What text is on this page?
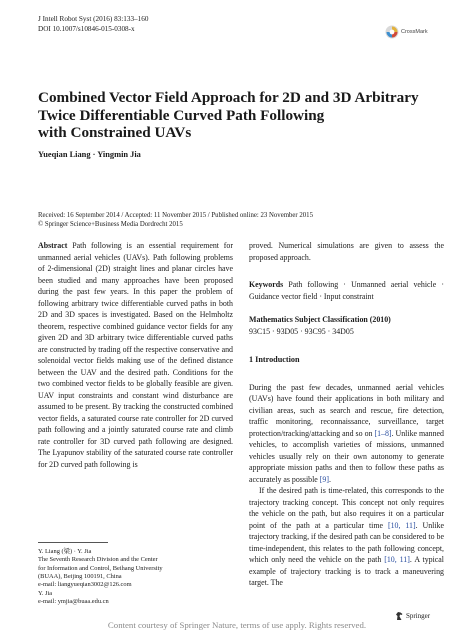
J Intell Robot Syst (2016) 83:133–160
DOI 10.1007/s10846-015-0308-x	CrossMark
Combined Vector Field Approach for 2D and 3D Arbitrary
Twice Differentiable Curved Path Following
with Constrained UAVs
Yueqian Liang · Yingmin Jia
Received: 16 September 2014 / Accepted: 11 November 2015 / Published online: 23 November 2015
© Springer Science+Business Media Dordrecht 2015
Abstract Path following is an essential requirement for unmanned aerial vehicles (UAVs). Path following problems of 2-dimensional (2D) straight lines and planar circles have been studied and many approaches have been proposed during the past few years. In this paper the problem of following arbitrary twice differentiable curved paths in both 2D and 3D spaces is investigated. Based on the Helmholtz theorem, respective combined guidance vector fields for any given 2D and 3D arbitrary twice differentiable curved paths are constructed by trading off the respective conservative and solenoidal vector fields making use of the defined distance between the UAV and the desired path. Conditions for the two combined vector fields to be globally feasible are given. UAV input constraints and constant wind disturbance are assumed to be present. By tracking the constructed combined vector fields, a saturated course rate controller for 2D curved path following and a jointly saturated course rate and climb rate controller for 3D curved path following are designed. The Lyapunov stability of the saturated course rate controller for 2D curved path following is
proved. Numerical simulations are given to assess the proposed approach.
Keywords Path following · Unmanned aerial vehicle · Guidance vector field · Input constraint
Mathematics Subject Classification (2010)
93C15 · 93D05 · 93C95 · 34D05
1 Introduction
During the past few decades, unmanned aerial vehicles (UAVs) have found their applications in both military and civilian areas, such as search and rescue, fire detection, traffic monitoring, reconnaissance, surveillance, target protection/tracking/attacking and so on [1–8]. Unlike manned vehicles, to accomplish varieties of missions, unmanned vehicles usually rely on their own autonomy to generate appropriate mission paths and then to follow these paths as accurately as possible [9].
If the desired path is time-related, this corresponds to the trajectory tracking concept. This concept not only requires the vehicle on the path, but also requires it on a particular point of the path at a particular time [10, 11]. Unlike trajectory tracking, if the desired path can be considered to be time-independent, this relates to the path following concept, which only need the vehicle on the path [10, 11]. A typical example of trajectory tracking is to track a maneuvering target. The
Y. Liang (梁) · Y. Jia
The Seventh Research Division and the Center
for Information and Control, Beihang University
(BUAA), Beijing 100191, China
e-mail: liangyueqian3002@126.com
Y. Jia
e-mail: ymjia@buaa.edu.cn
Springer
Content courtesy of Springer Nature, terms of use apply. Rights reserved.
